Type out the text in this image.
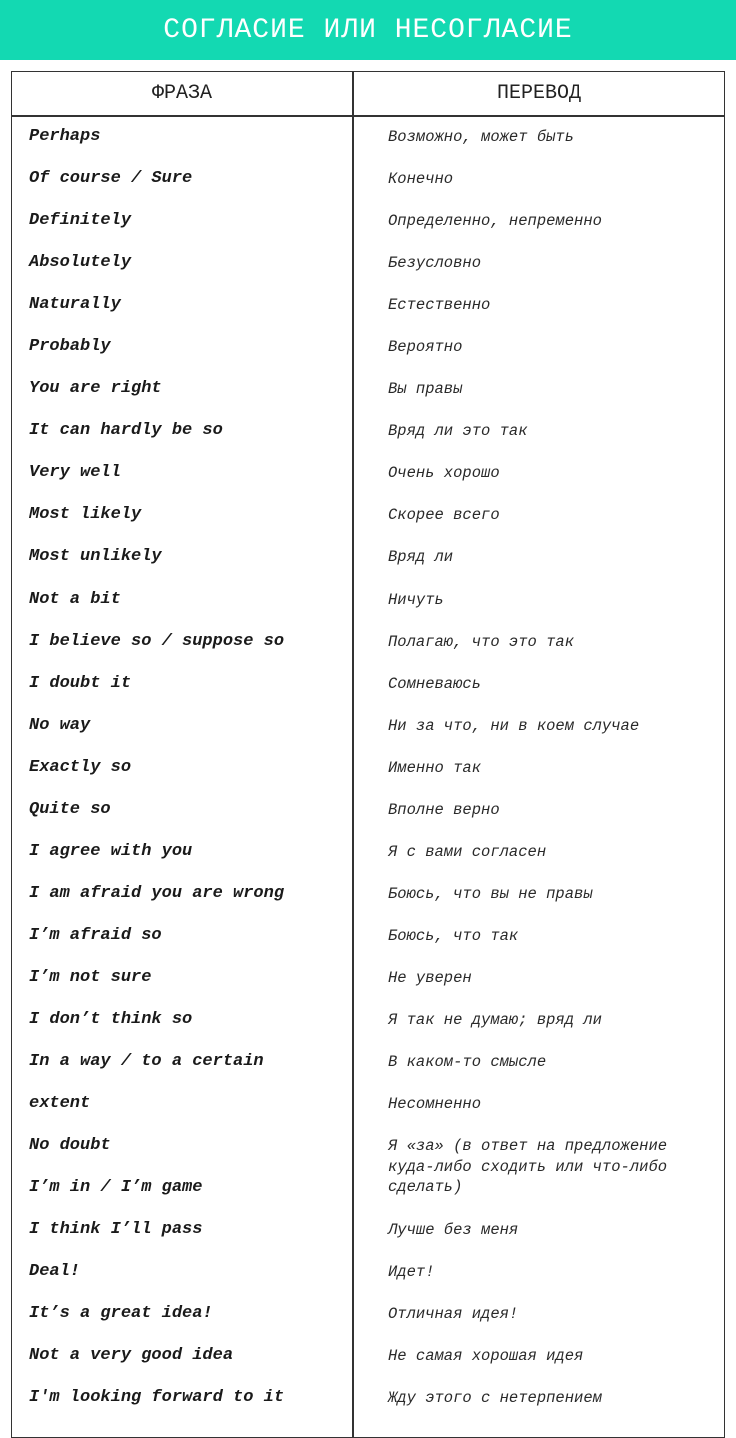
СОГЛАСИЕ ИЛИ НЕСОГЛАСИЕ
ФРАЗА	ПЕРЕВОД
Perhaps
Of course / Sure
Definitely
Absolutely
Naturally
Probably
You are right
It can hardly be so
Very well
Most likely
Most unlikely
Not a bit
I believe so / suppose so
I doubt it
No way
Exactly so
Quite so
I agree with you
I am afraid you are wrong
I’m afraid so
I’m not sure
I don’t think so
In a way / to a certain
extent
No doubt
I’m in / I’m game
I think I’ll pass
Deal!
It’s a great idea!
Not a very good idea
I'm looking forward to it
Возможно, может быть
Конечно
Определенно, непременно
Безусловно
Естественно
Вероятно
Вы правы
Вряд ли это так
Очень хорошо
Скорее всего
Вряд ли
Ничуть
Полагаю, что это так
Сомневаюсь
Ни за что, ни в коем случае
Именно так
Вполне верно
Я с вами согласен
Боюсь, что вы не правы
Боюсь, что так
Не уверен
Я так не думаю; вряд ли
В каком-то смысле
Несомненно
Я «за» (в ответ на предложение куда-либо сходить или что-либо сделать)
Лучше без меня
Идет!
Отличная идея!
Не самая хорошая идея
Жду этого с нетерпением
